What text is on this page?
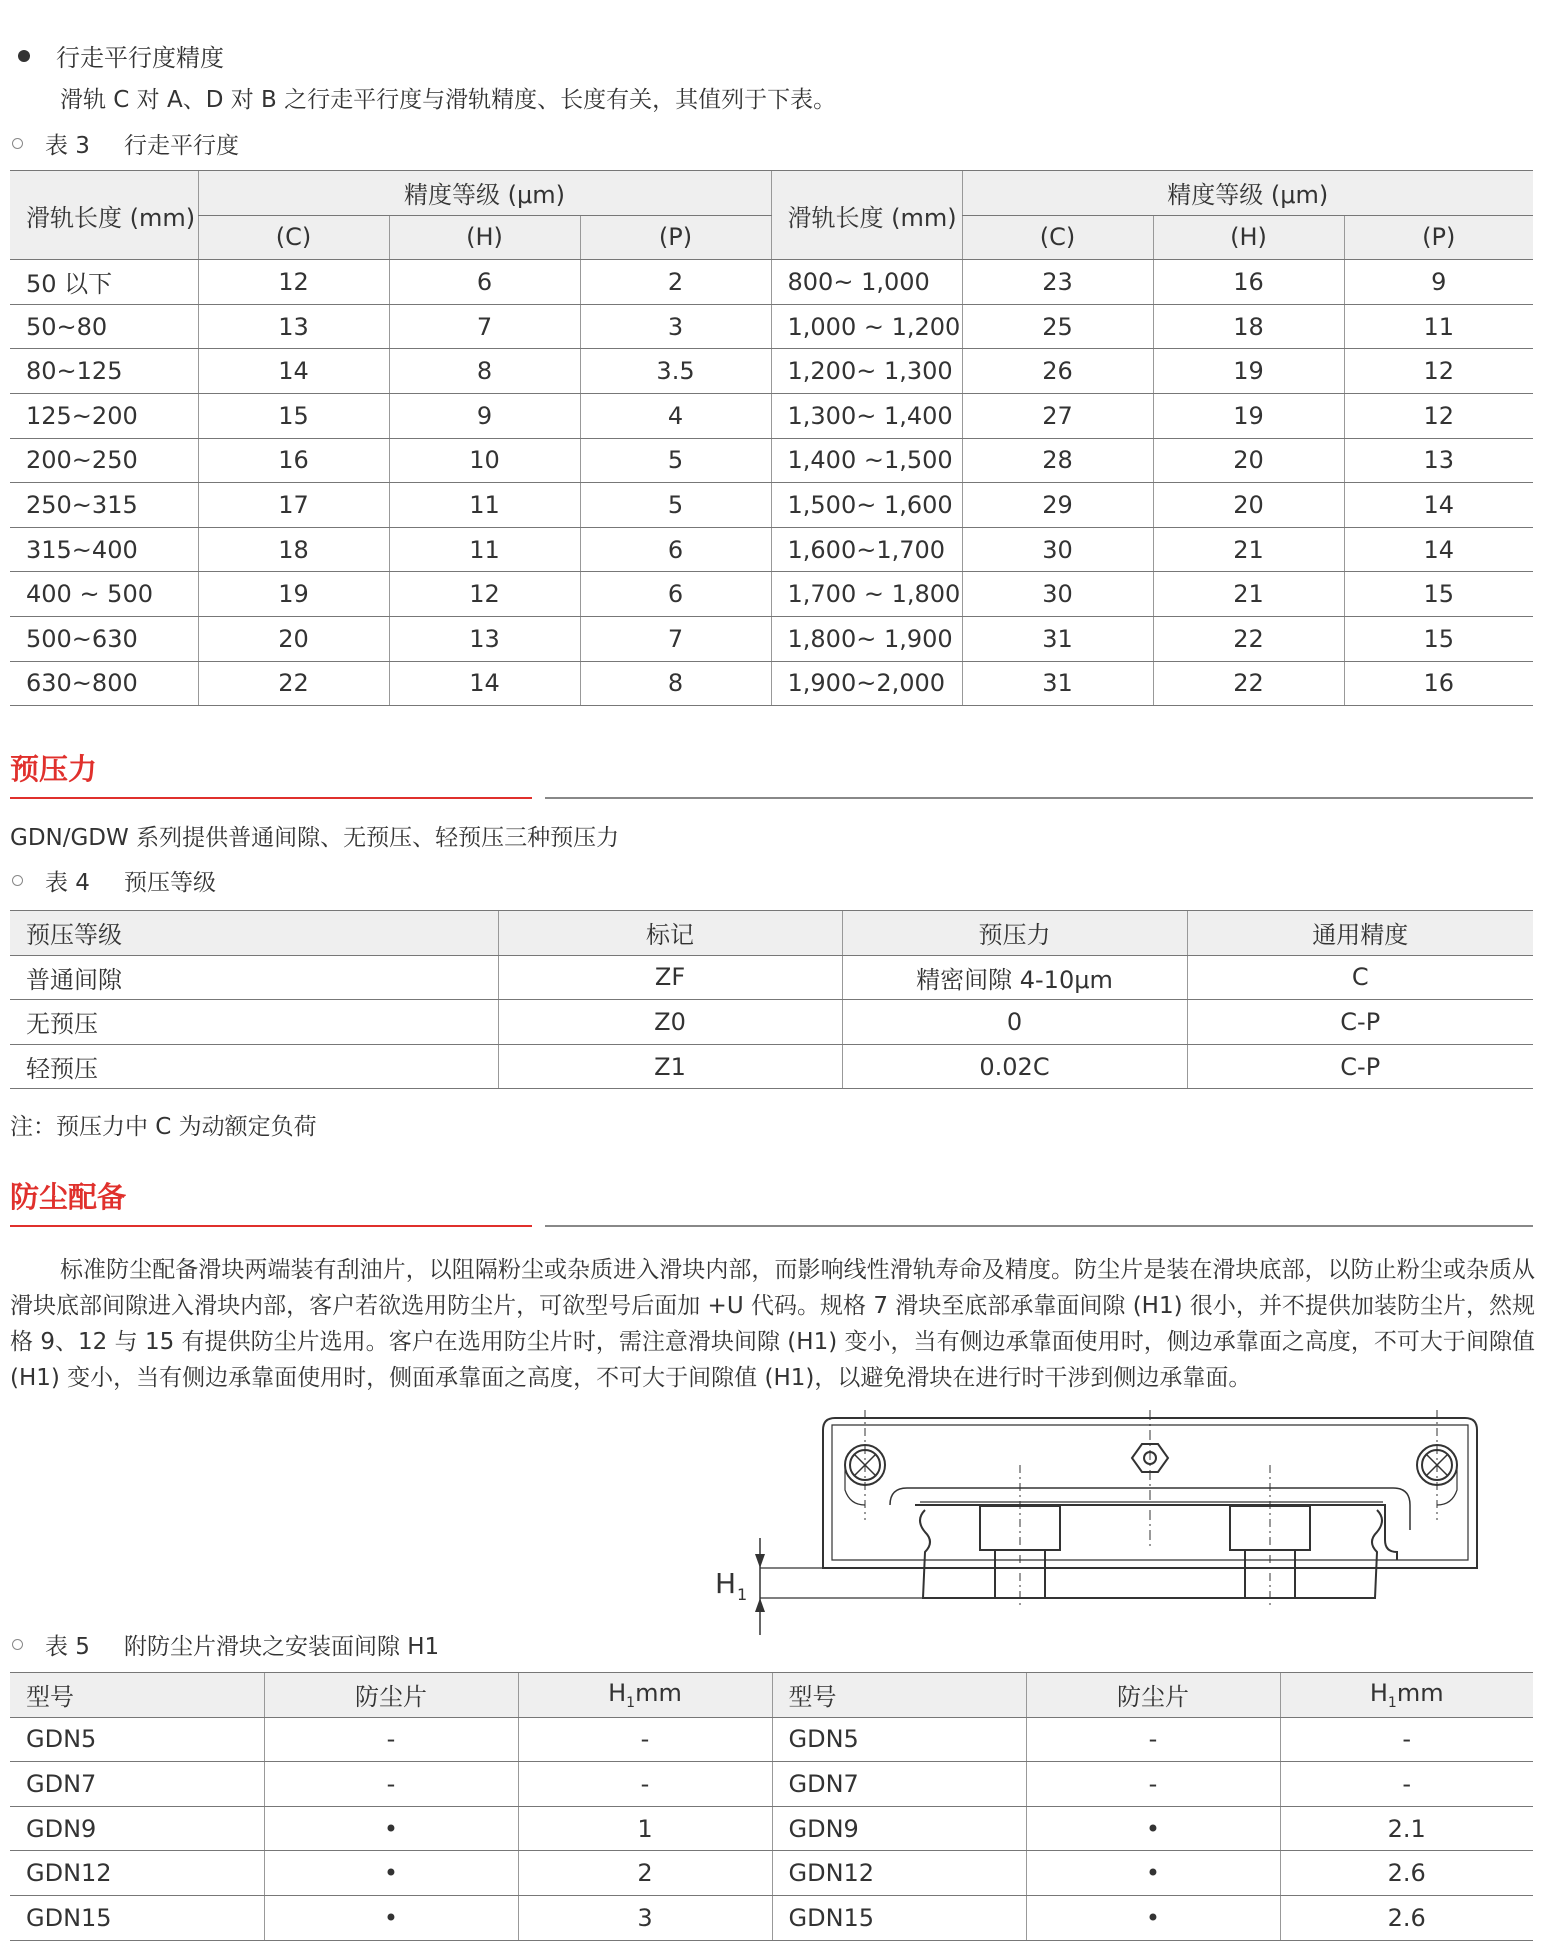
行走平行度精度
滑轨 C 对 A、D 对 B 之行走平行度与滑轨精度、长度有关，其值列于下表。
表 3 行走平行度
滑轨长度 (mm)	精度等级 (μm)			滑轨长度 (mm)	精度等级 (μm)		
	(C)	(H)	(P)		(C)	(H)	(P)
50 以下	12	6	2	800~ 1,000	23	16	9
50~80	13	7	3	1,000 ~ 1,200	25	18	11
80~125	14	8	3.5	1,200~ 1,300	26	19	12
125~200	15	9	4	1,300~ 1,400	27	19	12
200~250	16	10	5	1,400 ~1,500	28	20	13
250~315	17	11	5	1,500~ 1,600	29	20	14
315~400	18	11	6	1,600~1,700	30	21	14
400 ~ 500	19	12	6	1,700 ~ 1,800	30	21	15
500~630	20	13	7	1,800~ 1,900	31	22	15
630~800	22	14	8	1,900~2,000	31	22	16
预压力
GDN/GDW 系列提供普通间隙、无预压、轻预压三种预压力
表 4 预压等级
预压等级	标记	预压力	通用精度
普通间隙	ZF	精密间隙 4-10μm	C
无预压	Z0	0	C-P
轻预压	Z1	0.02C	C-P
注：预压力中 C 为动额定负荷
防尘配备
标准防尘配备滑块两端装有刮油片，以阻隔粉尘或杂质进入滑块内部，而影响线性滑轨寿命及精度。防尘片是装在滑块底部，以防止粉尘或杂质从滑块底部间隙进入滑块内部，客户若欲选用防尘片，可欲型号后面加 +U 代码。规格 7 滑块至底部承靠面间隙 (H1) 很小，并不提供加装防尘片，然规格 9、12 与 15 有提供防尘片选用。客户在选用防尘片时，需注意滑块间隙 (H1) 变小，当有侧边承靠面使用时，侧边承靠面之高度，不可大于间隙值 (H1) 变小，当有侧边承靠面使用时，侧面承靠面之高度，不可大于间隙值 (H1)，以避免滑块在进行时干涉到侧边承靠面。
H 1
表 5 附防尘片滑块之安装面间隙 H1
型号	防尘片	$H_1mm$	型号	防尘片	$H_1mm$
GDN5	-	-	GDN5	-	-
GDN7	-	-	GDN7	-	-
GDN9	•	1	GDN9	•	2.1
GDN12	•	2	GDN12	•	2.6
GDN15	•	3	GDN15	•	2.6
